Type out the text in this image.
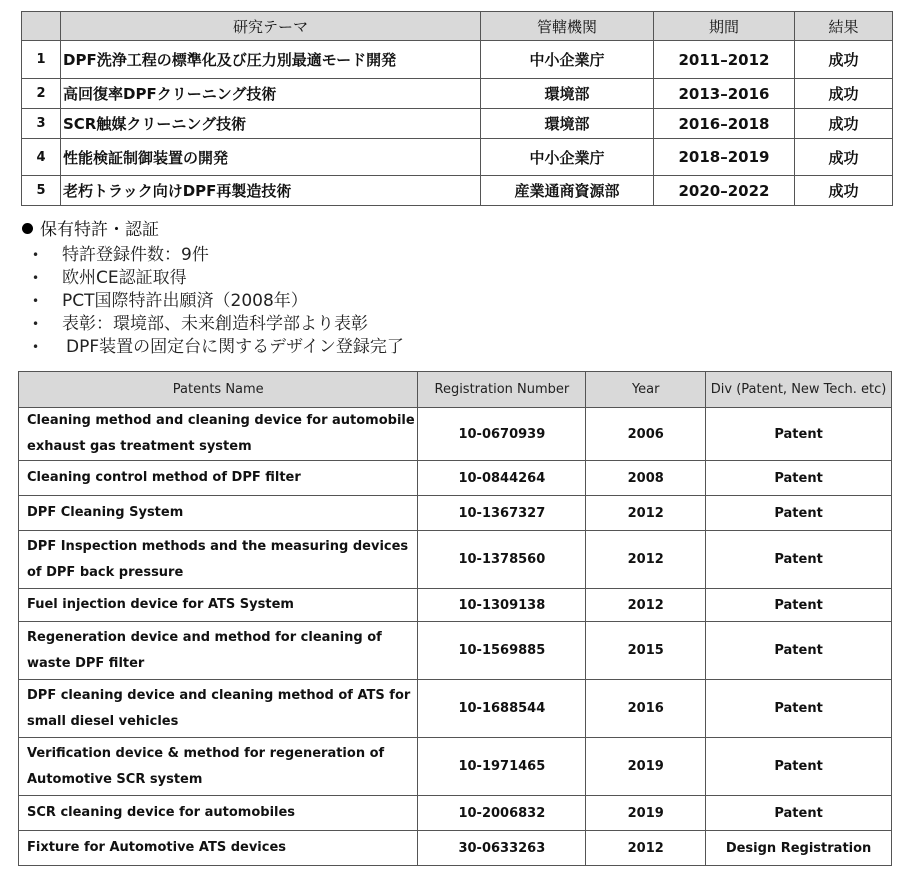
	研究テーマ	管轄機関	期間	結果
1	DPF洗浄工程の標準化及び圧力別最適モード開発	中小企業庁	2011–2012	成功
2	高回復率DPFクリーニング技術	環境部	2013–2016	成功
3	SCR触媒クリーニング技術	環境部	2016–2018	成功
4	性能検証制御装置の開発	中小企業庁	2018–2019	成功
5	老朽トラック向けDPF再製造技術	産業通商資源部	2020–2022	成功
保有特許・認証
• 特許登録件数：9件
• 欧州CE認証取得
• PCT国際特許出願済（2008年）
• 表彰：環境部、未来創造科学部より表彰
• DPF装置の固定台に関するデザイン登録完了
Patents Name	Registration Number	Year	Div (Patent, New Tech. etc)
Cleaning method and cleaning device for automobile exhaust gas treatment system	10-0670939	2006	Patent
Cleaning control method of DPF filter	10-0844264	2008	Patent
DPF Cleaning System	10-1367327	2012	Patent
DPF Inspection methods and the measuring devices of DPF back pressure	10-1378560	2012	Patent
Fuel injection device for ATS System	10-1309138	2012	Patent
Regeneration device and method for cleaning of waste DPF filter	10-1569885	2015	Patent
DPF cleaning device and cleaning method of ATS for small diesel vehicles	10-1688544	2016	Patent
Verification device & method for regeneration of Automotive SCR system	10-1971465	2019	Patent
SCR cleaning device for automobiles	10-2006832	2019	Patent
Fixture for Automotive ATS devices	30-0633263	2012	Design Registration
